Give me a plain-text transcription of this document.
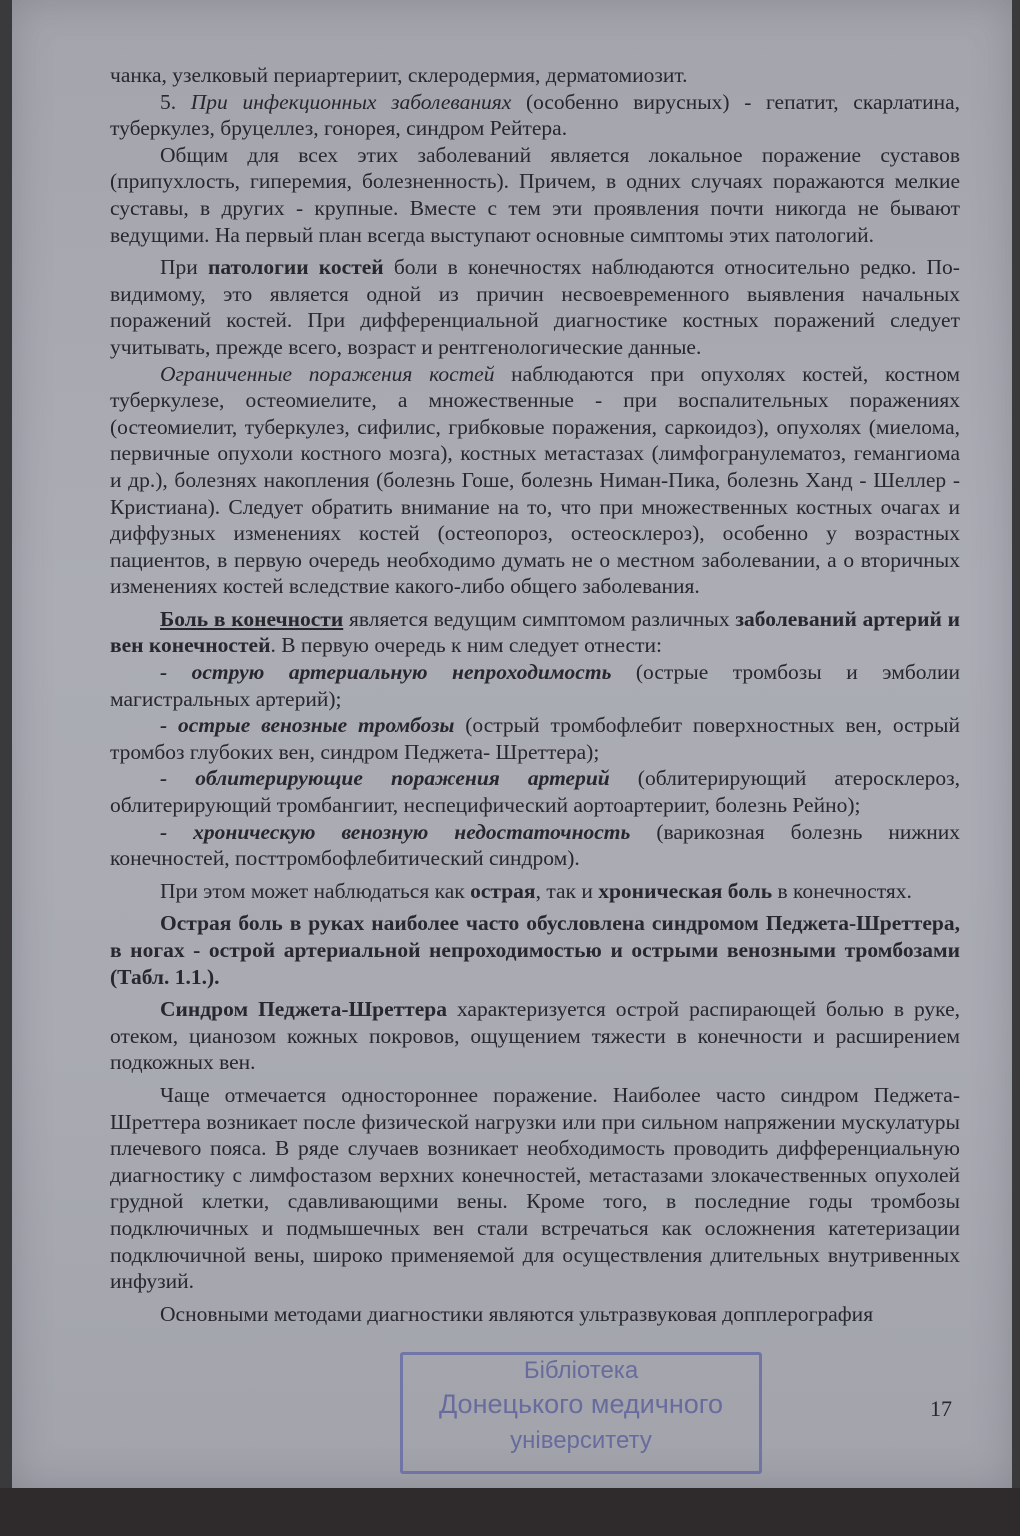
чанка, узелковый периартериит, склеродермия, дерматомиозит.

5. При инфекционных заболеваниях (особенно вирусных) - гепатит, скарлатина, туберкулез, бруцеллез, гонорея, синдром Рейтера.

Общим для всех этих заболеваний является локальное поражение суставов (припухлость, гиперемия, болезненность). Причем, в одних случаях поражаются мелкие суставы, в других - крупные. Вместе с тем эти проявления почти никогда не бывают ведущими. На первый план всегда выступают основные симптомы этих патологий.

При патологии костей боли в конечностях наблюдаются относительно редко. По-видимому, это является одной из причин несвоевременного выявления начальных поражений костей. При дифференциальной диагностике костных поражений следует учитывать, прежде всего, возраст и рентгенологические данные.

Ограниченные поражения костей наблюдаются при опухолях костей, костном туберкулезе, остеомиелите, а множественные - при воспалительных поражениях (остеомиелит, туберкулез, сифилис, грибковые поражения, саркоидоз), опухолях (миелома, первичные опухоли костного мозга), костных метастазах (лимфогранулематоз, гемангиома и др.), болезнях накопления (болезнь Гоше, болезнь Ниман-Пика, болезнь Ханд - Шеллер - Кристиана). Следует обратить внимание на то, что при множественных костных очагах и диффузных изменениях костей (остеопороз, остеосклероз), особенно у возрастных пациентов, в первую очередь необходимо думать не о местном заболевании, а о вторичных изменениях костей вследствие какого-либо общего заболевания.

Боль в конечности является ведущим симптомом различных заболеваний артерий и вен конечностей. В первую очередь к ним следует отнести:

- острую артериальную непроходимость (острые тромбозы и эмболии магистральных артерий);

- острые венозные тромбозы (острый тромбофлебит поверхностных вен, острый тромбоз глубоких вен, синдром Педжета- Шреттера);

- облитерирующие поражения артерий (облитерирующий атеросклероз, облитерирующий тромбангиит, неспецифический аортоартериит, болезнь Рейно);

- хроническую венозную недостаточность (варикозная болезнь нижних конечностей, посттромбофлебитический синдром).

При этом может наблюдаться как острая, так и хроническая боль в конечностях.

Острая боль в руках наиболее часто обусловлена синдромом Педжета-Шреттера, в ногах - острой артериальной непроходимостью и острыми венозными тромбозами (Табл. 1.1.).

Синдром Педжета-Шреттера характеризуется острой распирающей болью в руке, отеком, цианозом кожных покровов, ощущением тяжести в конечности и расширением подкожных вен.

Чаще отмечается одностороннее поражение. Наиболее часто синдром Педжета-Шреттера возникает после физической нагрузки или при сильном напряжении мускулатуры плечевого пояса. В ряде случаев возникает необходимость проводить дифференциальную диагностику с лимфостазом верхних конечностей, метастазами злокачественных опухолей грудной клетки, сдавливающими вены. Кроме того, в последние годы тромбозы подключичных и подмышечных вен стали встречаться как осложнения катетеризации подключичной вены, широко применяемой для осуществления длительных внутривенных инфузий.

Основными методами диагностики являются ультразвуковая допплерография

Бібліотека
Донецького медичного
університету
17
